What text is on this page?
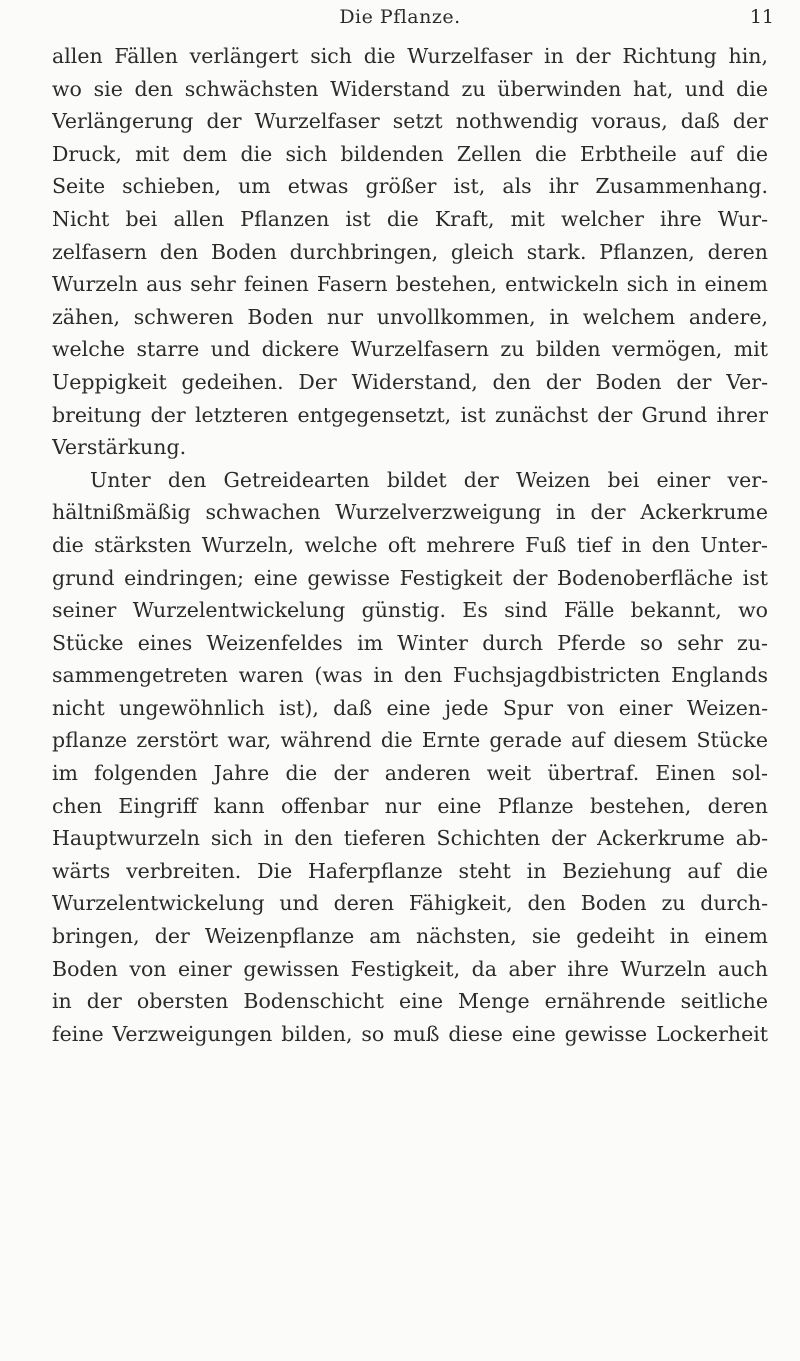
Die Pflanze.	11
allen Fällen verlängert sich die Wurzelfaser in der Richtung hin,
wo sie den schwächsten Widerstand zu überwinden hat, und die
Verlängerung der Wurzelfaser setzt nothwendig voraus, daß der
Druck, mit dem die sich bildenden Zellen die Erbtheile auf die
Seite schieben, um etwas größer ist, als ihr Zusammenhang.
Nicht bei allen Pflanzen ist die Kraft, mit welcher ihre Wur-
zelfasern den Boden durchbringen, gleich stark. Pflanzen, deren
Wurzeln aus sehr feinen Fasern bestehen, entwickeln sich in einem
zähen, schweren Boden nur unvollkommen, in welchem andere,
welche starre und dickere Wurzelfasern zu bilden vermögen, mit
Ueppigkeit gedeihen. Der Widerstand, den der Boden der Ver-
breitung der letzteren entgegensetzt, ist zunächst der Grund ihrer
Verstärkung.
Unter den Getreidearten bildet der Weizen bei einer ver-
hältnißmäßig schwachen Wurzelverzweigung in der Ackerkrume
die stärksten Wurzeln, welche oft mehrere Fuß tief in den Unter-
grund eindringen; eine gewisse Festigkeit der Bodenoberfläche ist
seiner Wurzelentwickelung günstig. Es sind Fälle bekannt, wo
Stücke eines Weizenfeldes im Winter durch Pferde so sehr zu-
sammengetreten waren (was in den Fuchsjagdbistricten Englands
nicht ungewöhnlich ist), daß eine jede Spur von einer Weizen-
pflanze zerstört war, während die Ernte gerade auf diesem Stücke
im folgenden Jahre die der anderen weit übertraf. Einen sol-
chen Eingriff kann offenbar nur eine Pflanze bestehen, deren
Hauptwurzeln sich in den tieferen Schichten der Ackerkrume ab-
wärts verbreiten. Die Haferpflanze steht in Beziehung auf die
Wurzelentwickelung und deren Fähigkeit, den Boden zu durch-
bringen, der Weizenpflanze am nächsten, sie gedeiht in einem
Boden von einer gewissen Festigkeit, da aber ihre Wurzeln auch
in der obersten Bodenschicht eine Menge ernährende seitliche
feine Verzweigungen bilden, so muß diese eine gewisse Lockerheit
